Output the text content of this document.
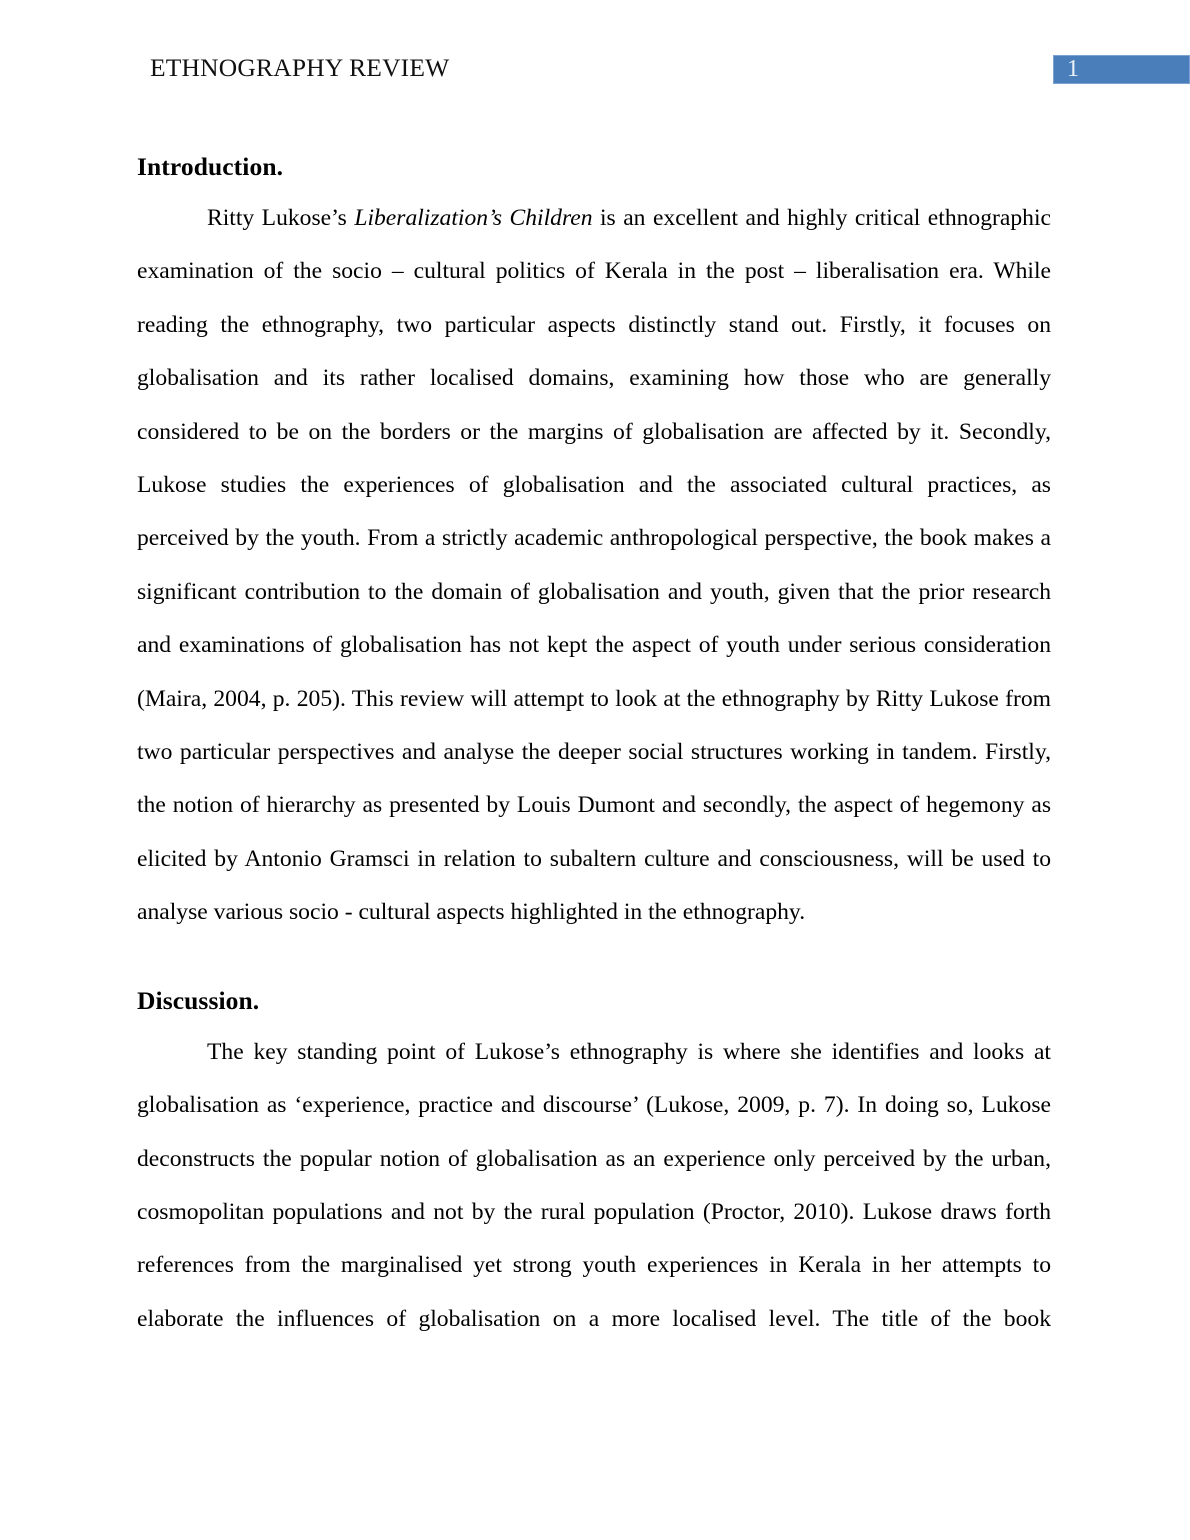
ETHNOGRAPHY REVIEW	1
Introduction.

Ritty Lukose’s Liberalization’s Children is an excellent and highly critical ethnographic examination of the socio – cultural politics of Kerala in the post – liberalisation era. While reading the ethnography, two particular aspects distinctly stand out. Firstly, it focuses on globalisation and its rather localised domains, examining how those who are generally considered to be on the borders or the margins of globalisation are affected by it. Secondly, Lukose studies the experiences of globalisation and the associated cultural practices, as perceived by the youth. From a strictly academic anthropological perspective, the book makes a significant contribution to the domain of globalisation and youth, given that the prior research and examinations of globalisation has not kept the aspect of youth under serious consideration (Maira, 2004, p. 205). This review will attempt to look at the ethnography by Ritty Lukose from two particular perspectives and analyse the deeper social structures working in tandem. Firstly, the notion of hierarchy as presented by Louis Dumont and secondly, the aspect of hegemony as elicited by Antonio Gramsci in relation to subaltern culture and consciousness, will be used to analyse various socio - cultural aspects highlighted in the ethnography.

Discussion.

The key standing point of Lukose’s ethnography is where she identifies and looks at globalisation as ‘experience, practice and discourse’ (Lukose, 2009, p. 7). In doing so, Lukose deconstructs the popular notion of globalisation as an experience only perceived by the urban, cosmopolitan populations and not by the rural population (Proctor, 2010). Lukose draws forth references from the marginalised yet strong youth experiences in Kerala in her attempts to elaborate the influences of globalisation on a more localised level. The title of the book
